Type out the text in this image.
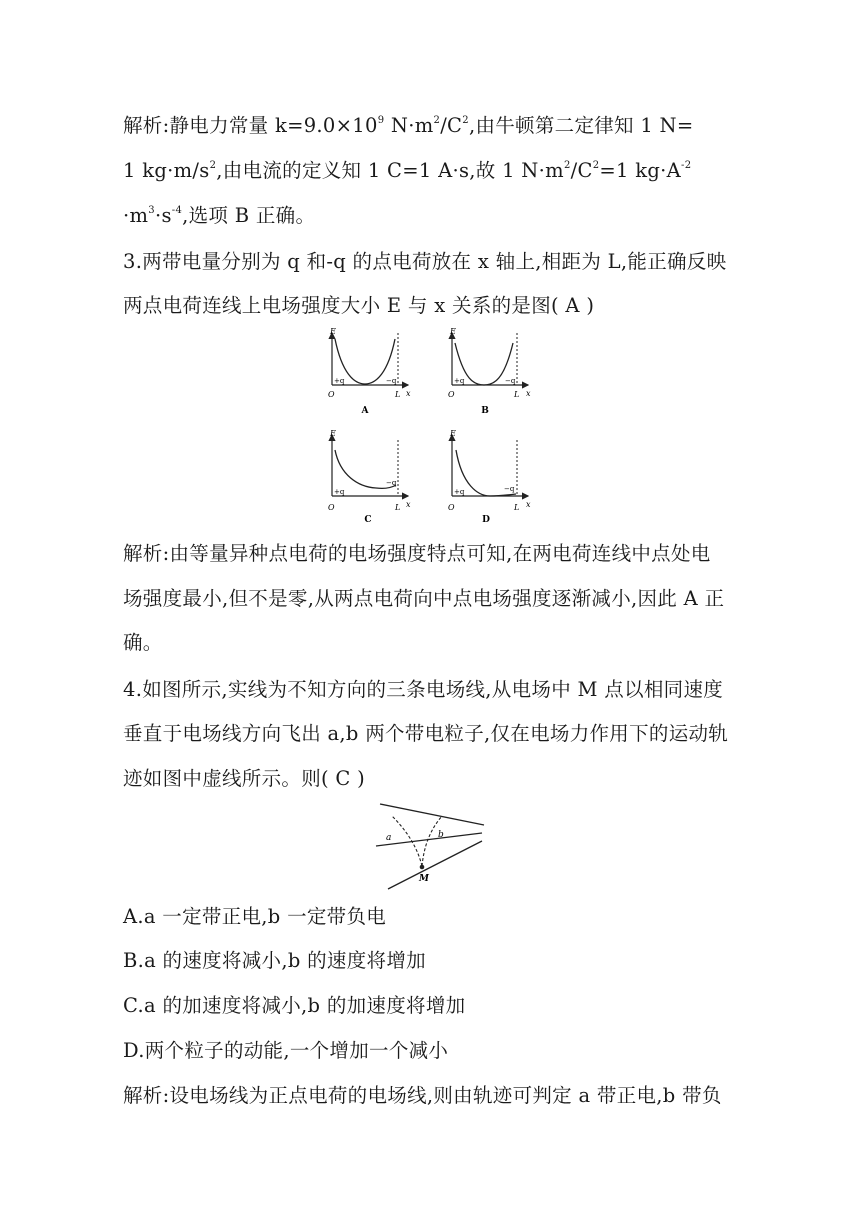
解析:静电力常量 $k=9.0\times 10^9$ $N\cdot m^2/C^2$,由牛顿第二定律知 1 N=
1 $kg\cdot m/s^2$,由电流的定义知 1 C=1 A·s,故 1 $N\cdot m^2/C^2=1$ $kg\cdot A^{-2}$
$\cdot m^3\cdot s^{-4}$,选项 B 正确。
3.两带电量分别为 q 和-q 的点电荷放在 x 轴上,相距为 L,能正确反映
两点电荷连线上电场强度大小 E 与 x 关系的是图( A )
E
x
O	L
+q	−q
A
E
x
O	L
+q	−q
B
E
x
O	L
+q
−q
C
E
x
O	L
+q	−q
D
解析:由等量异种点电荷的电场强度特点可知,在两电荷连线中点处电
场强度最小,但不是零,从两点电荷向中点电场强度逐渐减小,因此 A 正
确。
4.如图所示,实线为不知方向的三条电场线,从电场中 M 点以相同速度
垂直于电场线方向飞出 a,b 两个带电粒子,仅在电场力作用下的运动轨
迹如图中虚线所示。则( C )
a	b
M
A.a 一定带正电,b 一定带负电
B.a 的速度将减小,b 的速度将增加
C.a 的加速度将减小,b 的加速度将增加
D.两个粒子的动能,一个增加一个减小
解析:设电场线为正点电荷的电场线,则由轨迹可判定 a 带正电,b 带负
